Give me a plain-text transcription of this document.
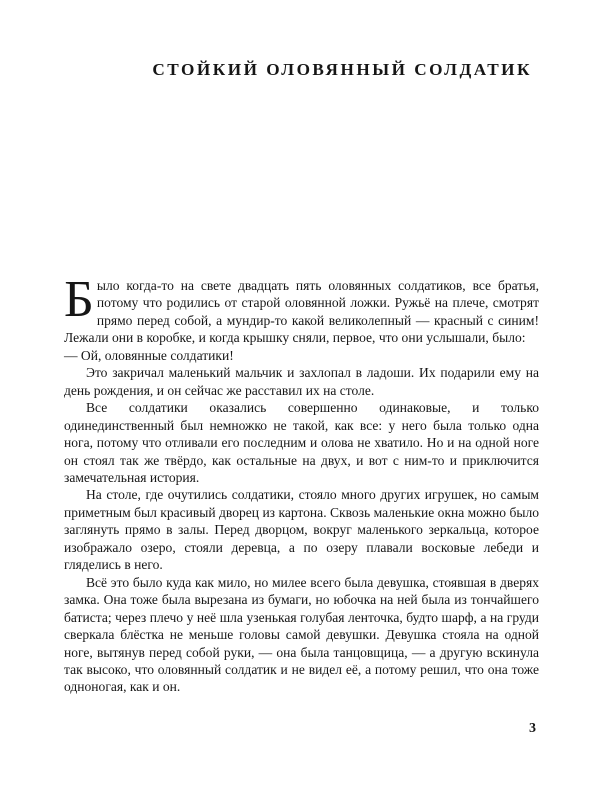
СТОЙКИЙ ОЛОВЯННЫЙ СОЛДАТИК

Было когда-то на свете двадцать пять оловянных солдатиков, все братья, потому что родились от старой оловянной ложки. Ружьё на плече, смотрят прямо перед собой, а мундир-то какой великолепный — красный с синим! Лежали они в коробке, и когда крышку сняли, первое, что они услышали, было:

— Ой, оловянные солдатики!

Это закричал маленький мальчик и захлопал в ладоши. Их подарили ему на день рождения, и он сейчас же расставил их на столе.

Все солдатики оказались совершенно одинаковые, и только одинединственный был немножко не такой, как все: у него была только одна нога, потому что отливали его последним и олова не хватило. Но и на одной ноге он стоял так же твёрдо, как остальные на двух, и вот с ним-то и приключится замечательная история.

На столе, где очутились солдатики, стояло много других игрушек, но самым приметным был красивый дворец из картона. Сквозь маленькие окна можно было заглянуть прямо в залы. Перед дворцом, вокруг маленького зеркальца, которое изображало озеро, стояли деревца, а по озеру плавали восковые лебеди и гляделись в него.

Всё это было куда как мило, но милее всего была девушка, стоявшая в дверях замка. Она тоже была вырезана из бумаги, но юбочка на ней была из тончайшего батиста; через плечо у неё шла узенькая голубая ленточка, будто шарф, а на груди сверкала блёстка не меньше головы самой девушки. Девушка стояла на одной ноге, вытянув перед собой руки, — она была танцовщица, — а другую вскинула так высоко, что оловянный солдатик и не видел её, а потому решил, что она тоже одноногая, как и он.

3
